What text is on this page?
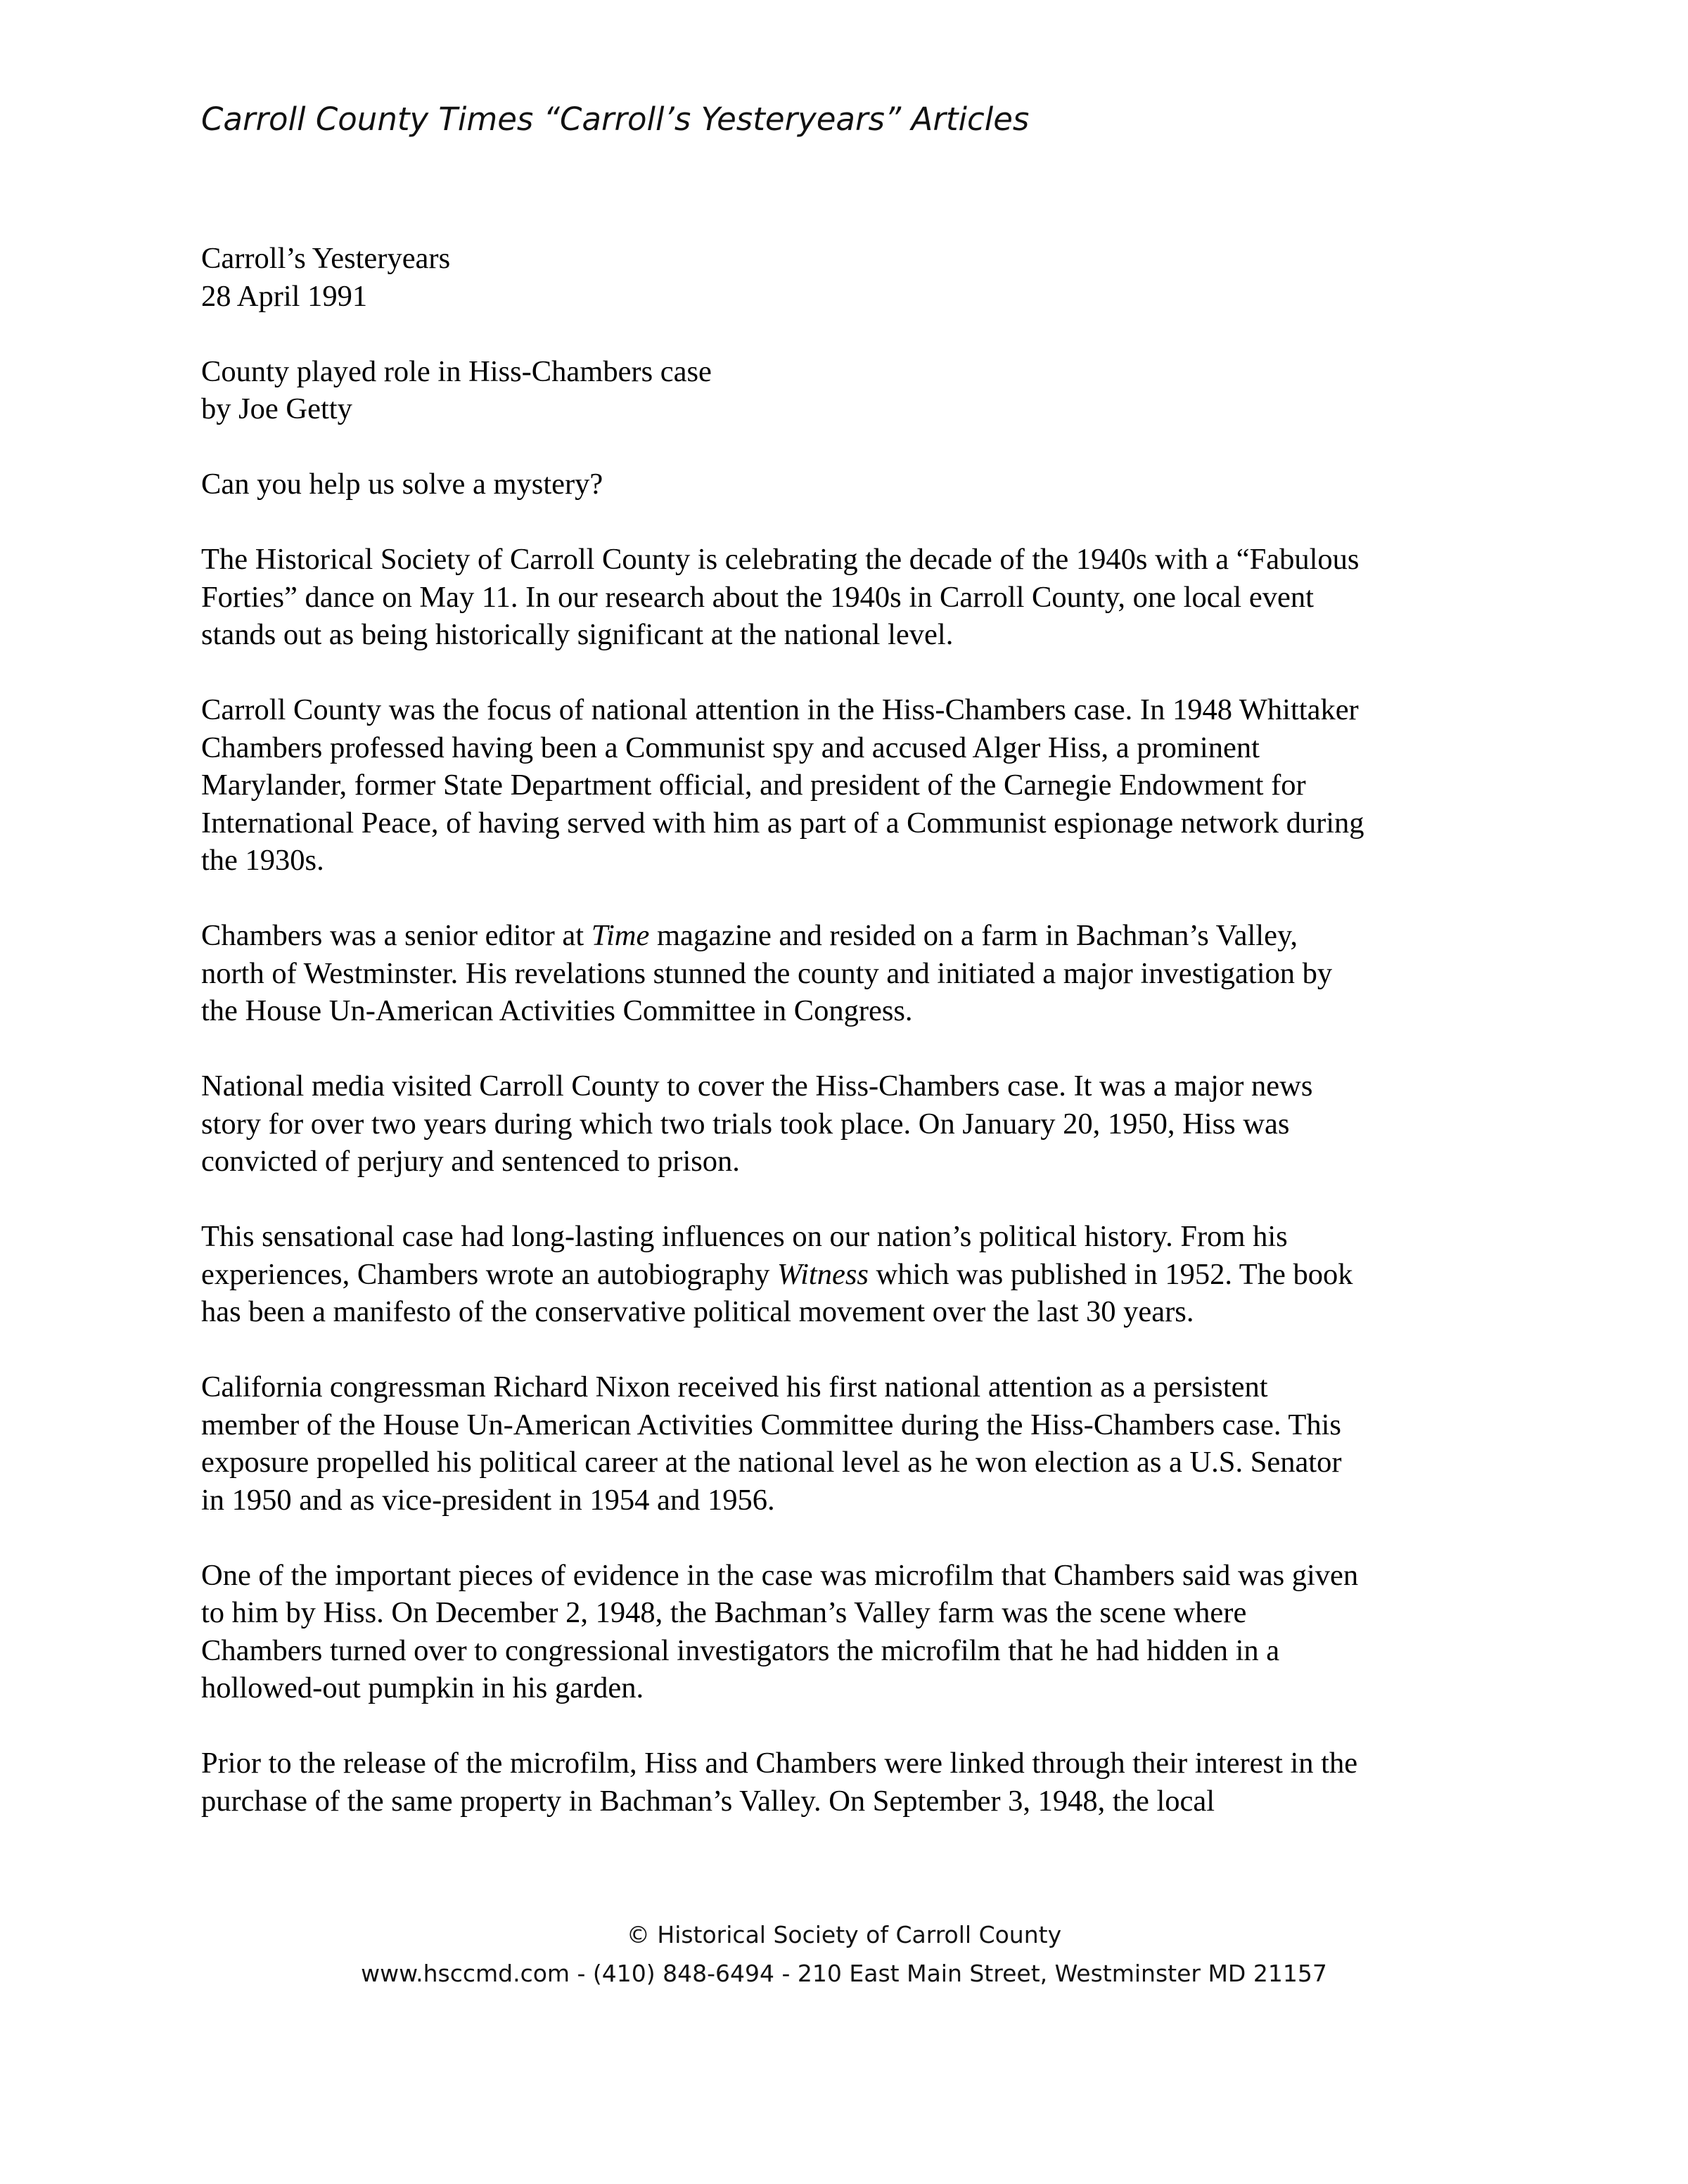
Carroll County Times “Carroll’s Yesteryears” Articles

Carroll’s Yesteryears
28 April 1991

County played role in Hiss-Chambers case
by Joe Getty

Can you help us solve a mystery?

The Historical Society of Carroll County is celebrating the decade of the 1940s with a “Fabulous
Forties” dance on May 11. In our research about the 1940s in Carroll County, one local event
stands out as being historically significant at the national level.

Carroll County was the focus of national attention in the Hiss-Chambers case. In 1948 Whittaker
Chambers professed having been a Communist spy and accused Alger Hiss, a prominent
Marylander, former State Department official, and president of the Carnegie Endowment for
International Peace, of having served with him as part of a Communist espionage network during
the 1930s.

Chambers was a senior editor at Time magazine and resided on a farm in Bachman’s Valley,
north of Westminster. His revelations stunned the county and initiated a major investigation by
the House Un-American Activities Committee in Congress.

National media visited Carroll County to cover the Hiss-Chambers case. It was a major news
story for over two years during which two trials took place. On January 20, 1950, Hiss was
convicted of perjury and sentenced to prison.

This sensational case had long-lasting influences on our nation’s political history. From his
experiences, Chambers wrote an autobiography Witness which was published in 1952. The book
has been a manifesto of the conservative political movement over the last 30 years.

California congressman Richard Nixon received his first national attention as a persistent
member of the House Un-American Activities Committee during the Hiss-Chambers case. This
exposure propelled his political career at the national level as he won election as a U.S. Senator
in 1950 and as vice-president in 1954 and 1956.

One of the important pieces of evidence in the case was microfilm that Chambers said was given
to him by Hiss. On December 2, 1948, the Bachman’s Valley farm was the scene where
Chambers turned over to congressional investigators the microfilm that he had hidden in a
hollowed-out pumpkin in his garden.

Prior to the release of the microfilm, Hiss and Chambers were linked through their interest in the
purchase of the same property in Bachman’s Valley. On September 3, 1948, the local

© Historical Society of Carroll County
www.hsccmd.com - (410) 848-6494 - 210 East Main Street, Westminster MD 21157
